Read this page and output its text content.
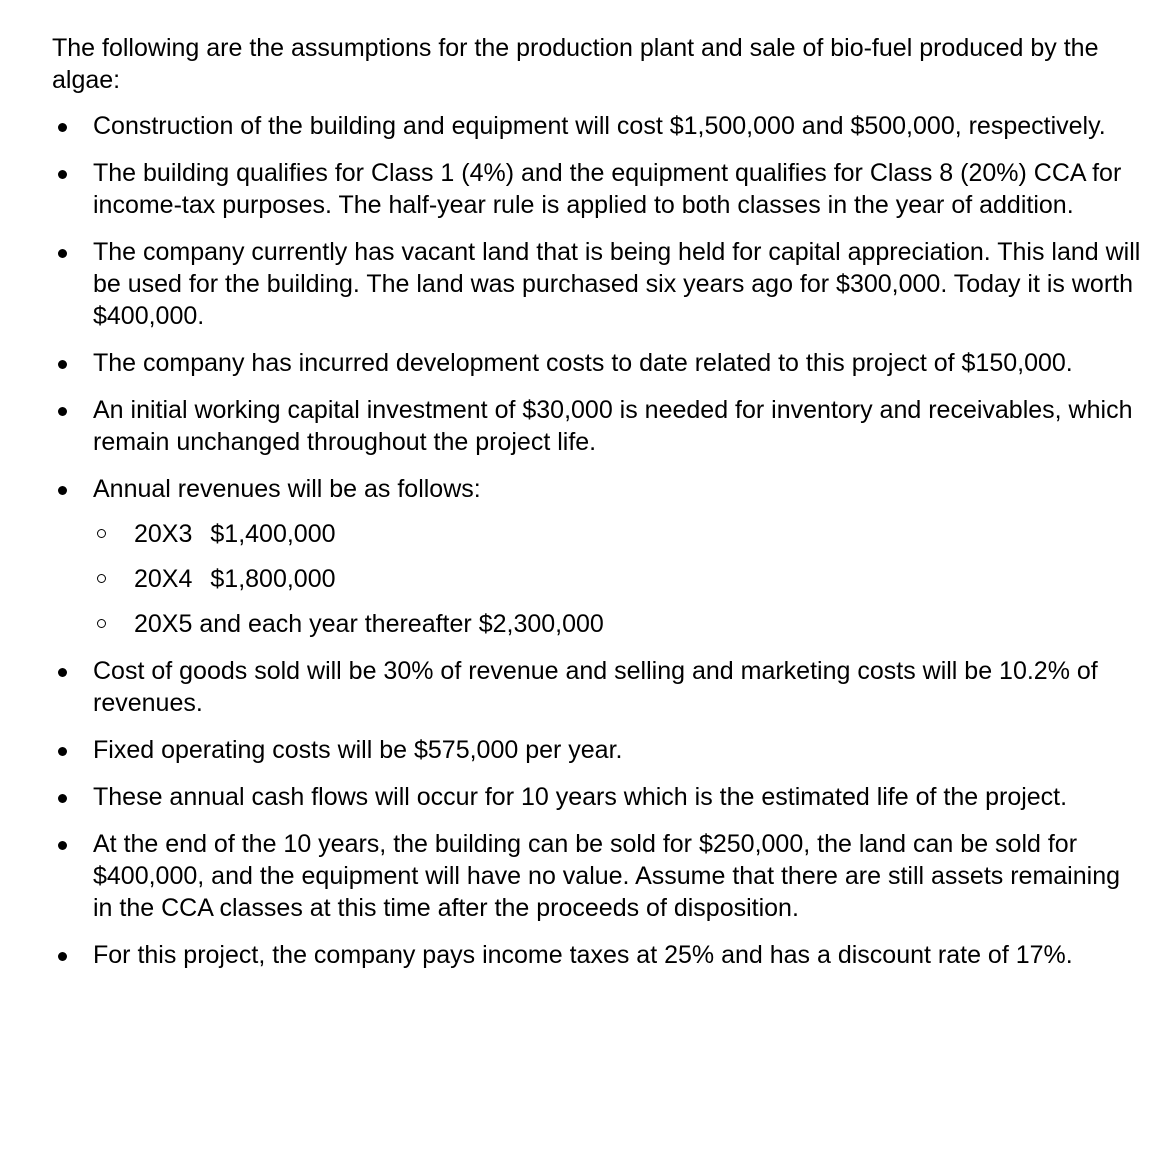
The following are the assumptions for the production plant and sale of bio-fuel produced by the algae:

Construction of the building and equipment will cost $1,500,000 and $500,000, respectively.
The building qualifies for Class 1 (4%) and the equipment qualifies for Class 8 (20%) CCA for income-tax purposes. The half-year rule is applied to both classes in the year of addition.
The company currently has vacant land that is being held for capital appreciation. This land will be used for the building. The land was purchased six years ago for $300,000. Today it is worth $400,000.
The company has incurred development costs to date related to this project of $150,000.
An initial working capital investment of $30,000 is needed for inventory and receivables, which remain unchanged throughout the project life.
Annual revenues will be as follows:
20X3 $1,400,000
20X4 $1,800,000
20X5 and each year thereafter $2,300,000
Cost of goods sold will be 30% of revenue and selling and marketing costs will be 10.2% of revenues.
Fixed operating costs will be $575,000 per year.
These annual cash flows will occur for 10 years which is the estimated life of the project.
At the end of the 10 years, the building can be sold for $250,000, the land can be sold for $400,000, and the equipment will have no value. Assume that there are still assets remaining in the CCA classes at this time after the proceeds of disposition.
For this project, the company pays income taxes at 25% and has a discount rate of 17%.
